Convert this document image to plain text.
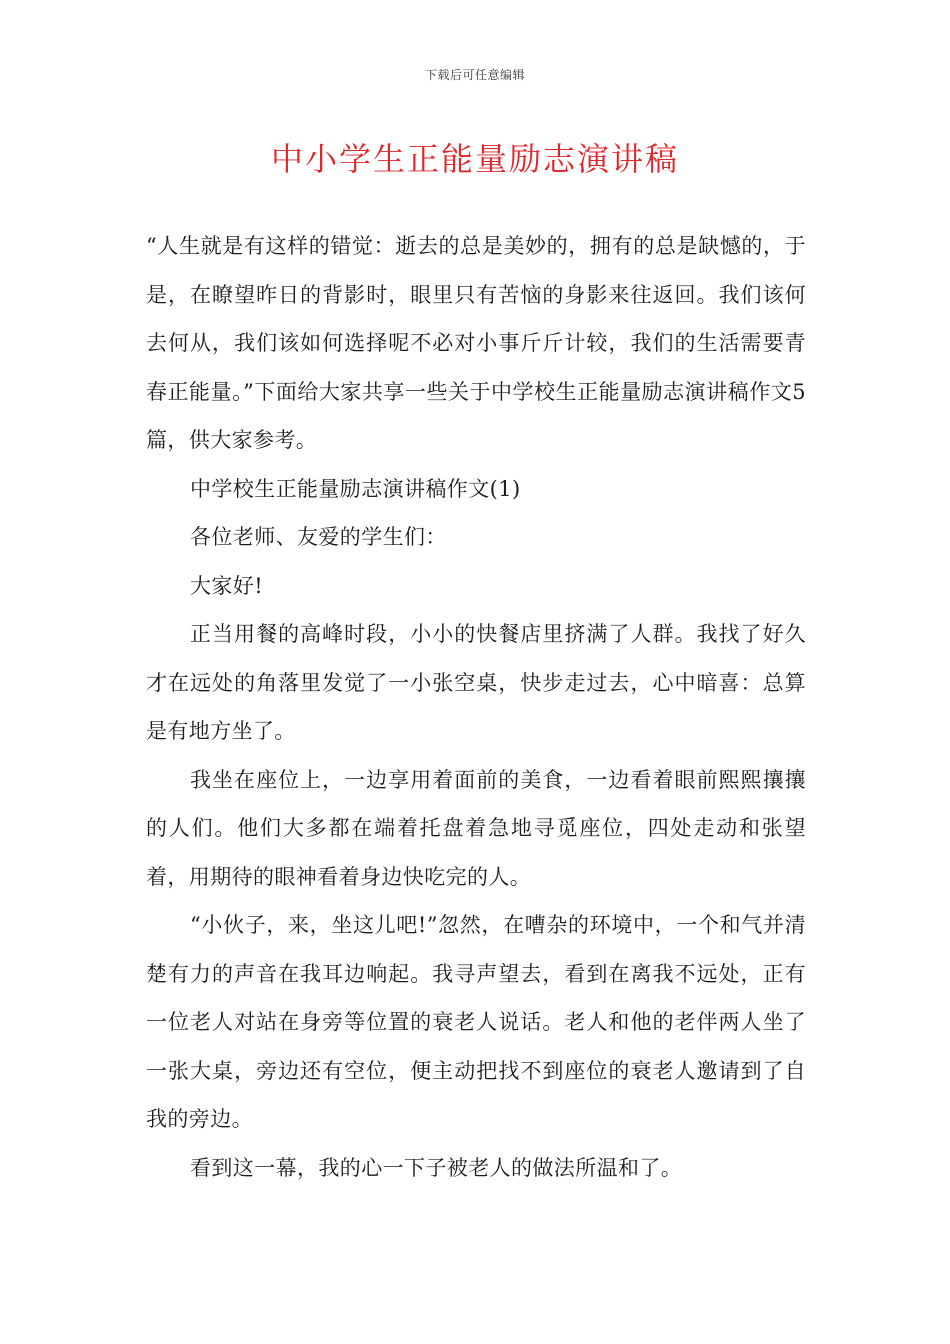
下载后可任意编辑
中小学生正能量励志演讲稿

“人生就是有这样的错觉：逝去的总是美妙的，拥有的总是缺憾的，于是，在瞭望昨日的背影时，眼里只有苦恼的身影来往返回。我们该何去何从，我们该如何选择呢不必对小事斤斤计较，我们的生活需要青春正能量。”下面给大家共享一些关于中学校生正能量励志演讲稿作文5篇，供大家参考。

中学校生正能量励志演讲稿作文(1)

各位老师、友爱的学生们：

大家好!

正当用餐的高峰时段，小小的快餐店里挤满了人群。我找了好久才在远处的角落里发觉了一小张空桌，快步走过去，心中暗喜：总算是有地方坐了。

我坐在座位上，一边享用着面前的美食，一边看着眼前熙熙攘攘的人们。他们大多都在端着托盘着急地寻觅座位，四处走动和张望着，用期待的眼神看着身边快吃完的人。

“小伙子，来，坐这儿吧!”忽然，在嘈杂的环境中，一个和气并清楚有力的声音在我耳边响起。我寻声望去，看到在离我不远处，正有一位老人对站在身旁等位置的衰老人说话。老人和他的老伴两人坐了一张大桌，旁边还有空位，便主动把找不到座位的衰老人邀请到了自我的旁边。

看到这一幕，我的心一下子被老人的做法所温和了。
